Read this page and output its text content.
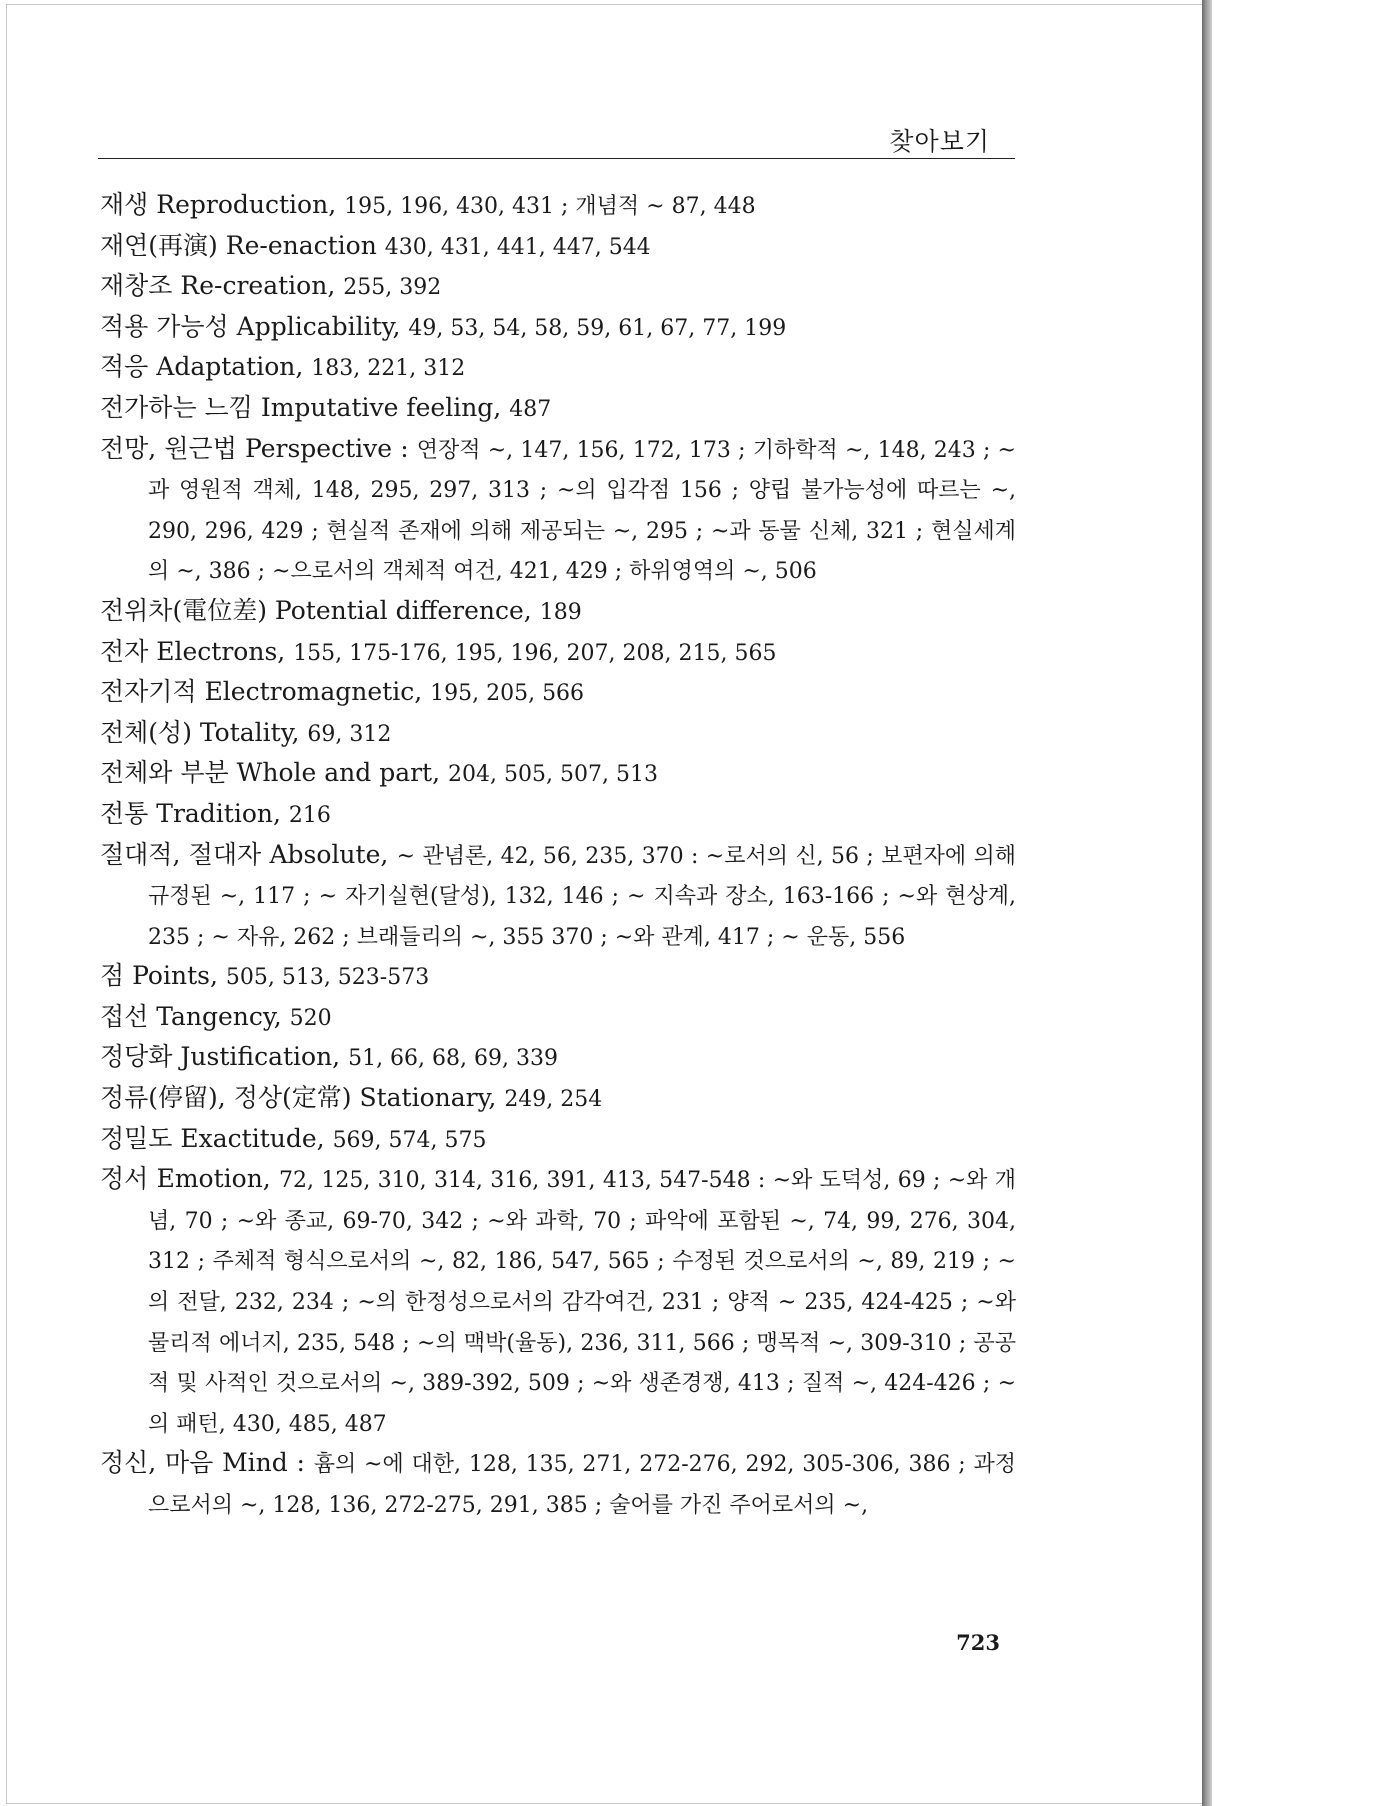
찾아보기
재생 Reproduction, 195, 196, 430, 431 ; 개념적 ~ 87, 448
재연(再演) Re-enaction 430, 431, 441, 447, 544
재창조 Re-creation, 255, 392
적용 가능성 Applicability, 49, 53, 54, 58, 59, 61, 67, 77, 199
적응 Adaptation, 183, 221, 312
전가하는 느낌 Imputative feeling, 487
전망, 원근법 Perspective : 연장적 ~, 147, 156, 172, 173 ; 기하학적 ~, 148, 243 ; ~과 영원적 객체, 148, 295, 297, 313 ; ~의 입각점 156 ; 양립 불가능성에 따르는 ~, 290, 296, 429 ; 현실적 존재에 의해 제공되는 ~, 295 ; ~과 동물 신체, 321 ; 현실세계의 ~, 386 ; ~으로서의 객체적 여건, 421, 429 ; 하위영역의 ~, 506
전위차(電位差) Potential difference, 189
전자 Electrons, 155, 175-176, 195, 196, 207, 208, 215, 565
전자기적 Electromagnetic, 195, 205, 566
전체(성) Totality, 69, 312
전체와 부분 Whole and part, 204, 505, 507, 513
전통 Tradition, 216
절대적, 절대자 Absolute, ~ 관념론, 42, 56, 235, 370 : ~로서의 신, 56 ; 보편자에 의해 규정된 ~, 117 ; ~ 자기실현(달성), 132, 146 ; ~ 지속과 장소, 163-166 ; ~와 현상계, 235 ; ~ 자유, 262 ; 브래들리의 ~, 355 370 ; ~와 관계, 417 ; ~ 운동, 556
점 Points, 505, 513, 523-573
접선 Tangency, 520
정당화 Justification, 51, 66, 68, 69, 339
정류(停留), 정상(定常) Stationary, 249, 254
정밀도 Exactitude, 569, 574, 575
정서 Emotion, 72, 125, 310, 314, 316, 391, 413, 547-548 : ~와 도덕성, 69 ; ~와 개념, 70 ; ~와 종교, 69-70, 342 ; ~와 과학, 70 ; 파악에 포함된 ~, 74, 99, 276, 304, 312 ; 주체적 형식으로서의 ~, 82, 186, 547, 565 ; 수정된 것으로서의 ~, 89, 219 ; ~의 전달, 232, 234 ; ~의 한정성으로서의 감각여건, 231 ; 양적 ~ 235, 424-425 ; ~와 물리적 에너지, 235, 548 ; ~의 맥박(율동), 236, 311, 566 ; 맹목적 ~, 309-310 ; 공공적 및 사적인 것으로서의 ~, 389-392, 509 ; ~와 생존경쟁, 413 ; 질적 ~, 424-426 ; ~의 패턴, 430, 485, 487
정신, 마음 Mind : 흄의 ~에 대한, 128, 135, 271, 272-276, 292, 305-306, 386 ; 과정으로서의 ~, 128, 136, 272-275, 291, 385 ; 술어를 가진 주어로서의 ~,
723
